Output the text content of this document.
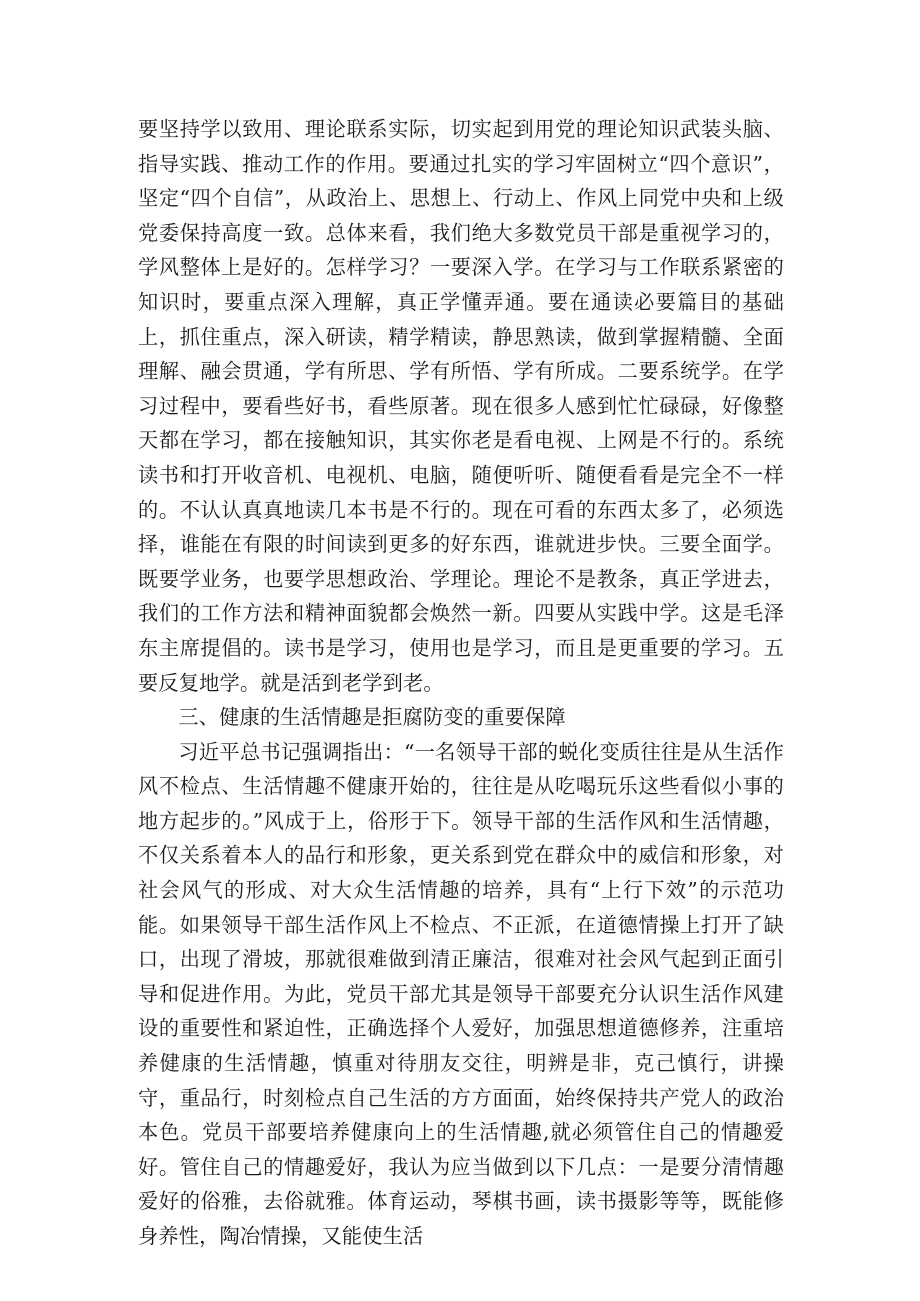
要坚持学以致用、理论联系实际，切实起到用党的理论知识武装头脑、指导实践、推动工作的作用。要通过扎实的学习牢固树立“四个意识”，坚定“四个自信”，从政治上、思想上、行动上、作风上同党中央和上级党委保持高度一致。总体来看，我们绝大多数党员干部是重视学习的，学风整体上是好的。怎样学习？一要深入学。在学习与工作联系紧密的知识时，要重点深入理解，真正学懂弄通。要在通读必要篇目的基础上，抓住重点，深入研读，精学精读，静思熟读，做到掌握精髓、全面理解、融会贯通，学有所思、学有所悟、学有所成。二要系统学。在学习过程中，要看些好书，看些原著。现在很多人感到忙忙碌碌，好像整天都在学习，都在接触知识，其实你老是看电视、上网是不行的。系统读书和打开收音机、电视机、电脑，随便听听、随便看看是完全不一样的。不认认真真地读几本书是不行的。现在可看的东西太多了，必须选择，谁能在有限的时间读到更多的好东西，谁就进步快。三要全面学。既要学业务，也要学思想政治、学理论。理论不是教条，真正学进去，我们的工作方法和精神面貌都会焕然一新。四要从实践中学。这是毛泽东主席提倡的。读书是学习，使用也是学习，而且是更重要的学习。五要反复地学。就是活到老学到老。

三、健康的生活情趣是拒腐防变的重要保障

习近平总书记强调指出：“一名领导干部的蜕化变质往往是从生活作风不检点、生活情趣不健康开始的，往往是从吃喝玩乐这些看似小事的地方起步的。”风成于上，俗形于下。领导干部的生活作风和生活情趣，不仅关系着本人的品行和形象，更关系到党在群众中的威信和形象，对社会风气的形成、对大众生活情趣的培养，具有“上行下效”的示范功能。如果领导干部生活作风上不检点、不正派，在道德情操上打开了缺口，出现了滑坡，那就很难做到清正廉洁，很难对社会风气起到正面引导和促进作用。为此，党员干部尤其是领导干部要充分认识生活作风建设的重要性和紧迫性，正确选择个人爱好，加强思想道德修养，注重培养健康的生活情趣，慎重对待朋友交往，明辨是非，克己慎行，讲操守，重品行，时刻检点自己生活的方方面面，始终保持共产党人的政治本色。党员干部要培养健康向上的生活情趣,就必须管住自己的情趣爱好。管住自己的情趣爱好，我认为应当做到以下几点：一是要分清情趣爱好的俗雅，去俗就雅。体育运动，琴棋书画，读书摄影等等，既能修身养性，陶冶情操，又能使生活
